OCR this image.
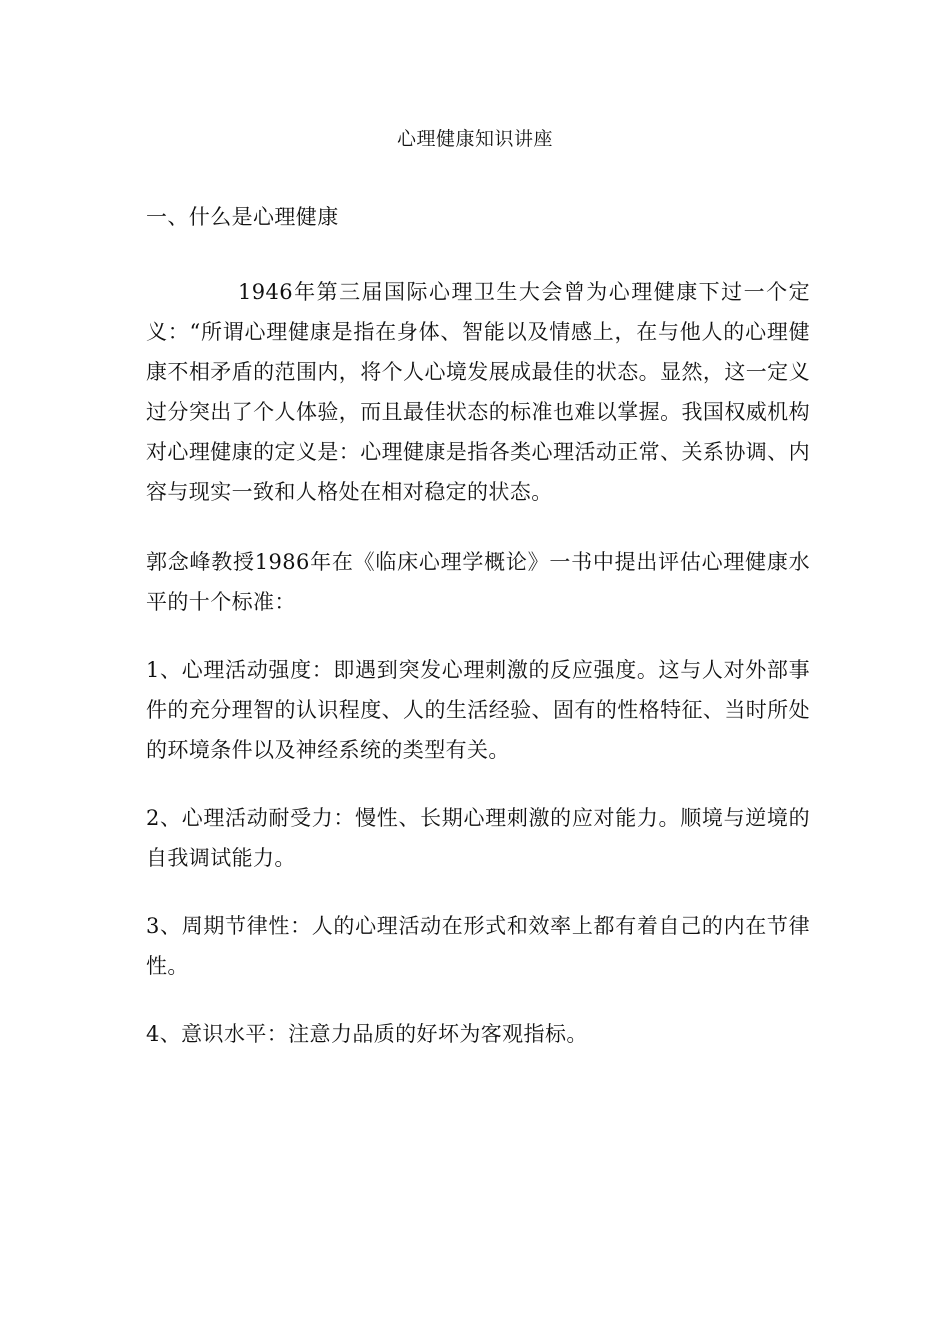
心理健康知识讲座

一、什么是心理健康

1946年第三届国际心理卫生大会曾为心理健康下过一个定义：“所谓心理健康是指在身体、智能以及情感上，在与他人的心理健康不相矛盾的范围内，将个人心境发展成最佳的状态。显然，这一定义过分突出了个人体验，而且最佳状态的标准也难以掌握。我国权威机构对心理健康的定义是：心理健康是指各类心理活动正常、关系协调、内容与现实一致和人格处在相对稳定的状态。

郭念峰教授1986年在《临床心理学概论》一书中提出评估心理健康水平的十个标准：

1、心理活动强度：即遇到突发心理刺激的反应强度。这与人对外部事件的充分理智的认识程度、人的生活经验、固有的性格特征、当时所处的环境条件以及神经系统的类型有关。

2、心理活动耐受力：慢性、长期心理刺激的应对能力。顺境与逆境的自我调试能力。

3、周期节律性：人的心理活动在形式和效率上都有着自己的内在节律性。

4、意识水平：注意力品质的好坏为客观指标。
